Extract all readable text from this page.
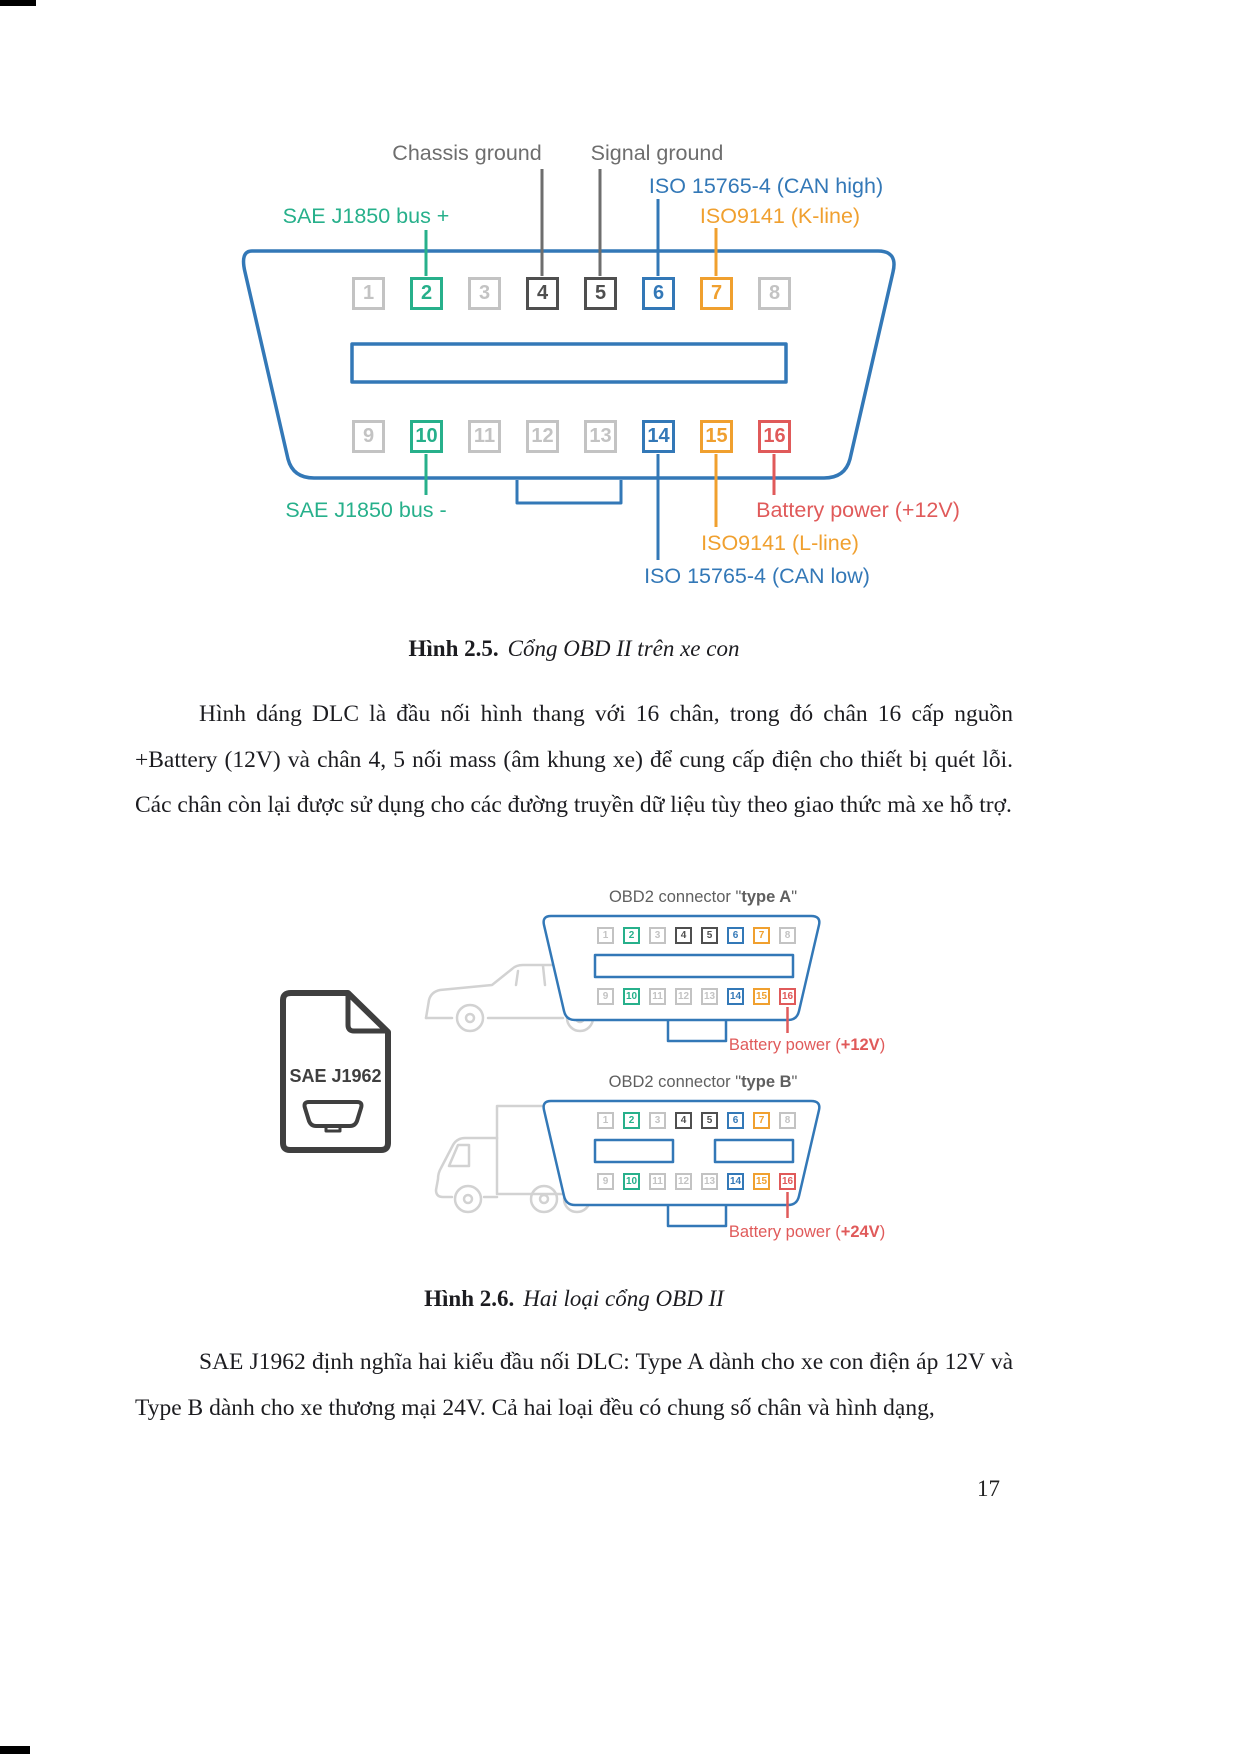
Chassis ground Signal ground
ISO 15765-4 (CAN high)
SAE J1850 bus +	ISO9141 (K-line)
SAE J1850 bus -	Battery power (+12V)
ISO9141 (L-line)
ISO 15765-4 (CAN low)
1	2	3	4	5	6	7	8
9	10 11 12 13 14 15 16
Hình 2.5. Cổng OBD II trên xe con

Hình dáng DLC là đầu nối hình thang với 16 chân, trong đó chân 16 cấp nguồn +Battery (12V) và chân 4, 5 nối mass (âm khung xe) để cung cấp điện cho thiết bị quét lỗi. Các chân còn lại được sử dụng cho các đường truyền dữ liệu tùy theo giao thức mà xe hỗ trợ.

OBD2 connector "type A"
OBD2 connector "type B"
Battery power (+12V)
Battery power (+24V)
SAE J1962
1	2	3	4	5	6	7	8
9	10	11	12 13 14 15 16
1	2	3	4	5	6	7	8
9	10	11	12 13 14 15 16
Hình 2.6. Hai loại cổng OBD II

SAE J1962 định nghĩa hai kiểu đầu nối DLC: Type A dành cho xe con điện áp 12V và Type B dành cho xe thương mại 24V. Cả hai loại đều có chung số chân và hình dạng,

17
